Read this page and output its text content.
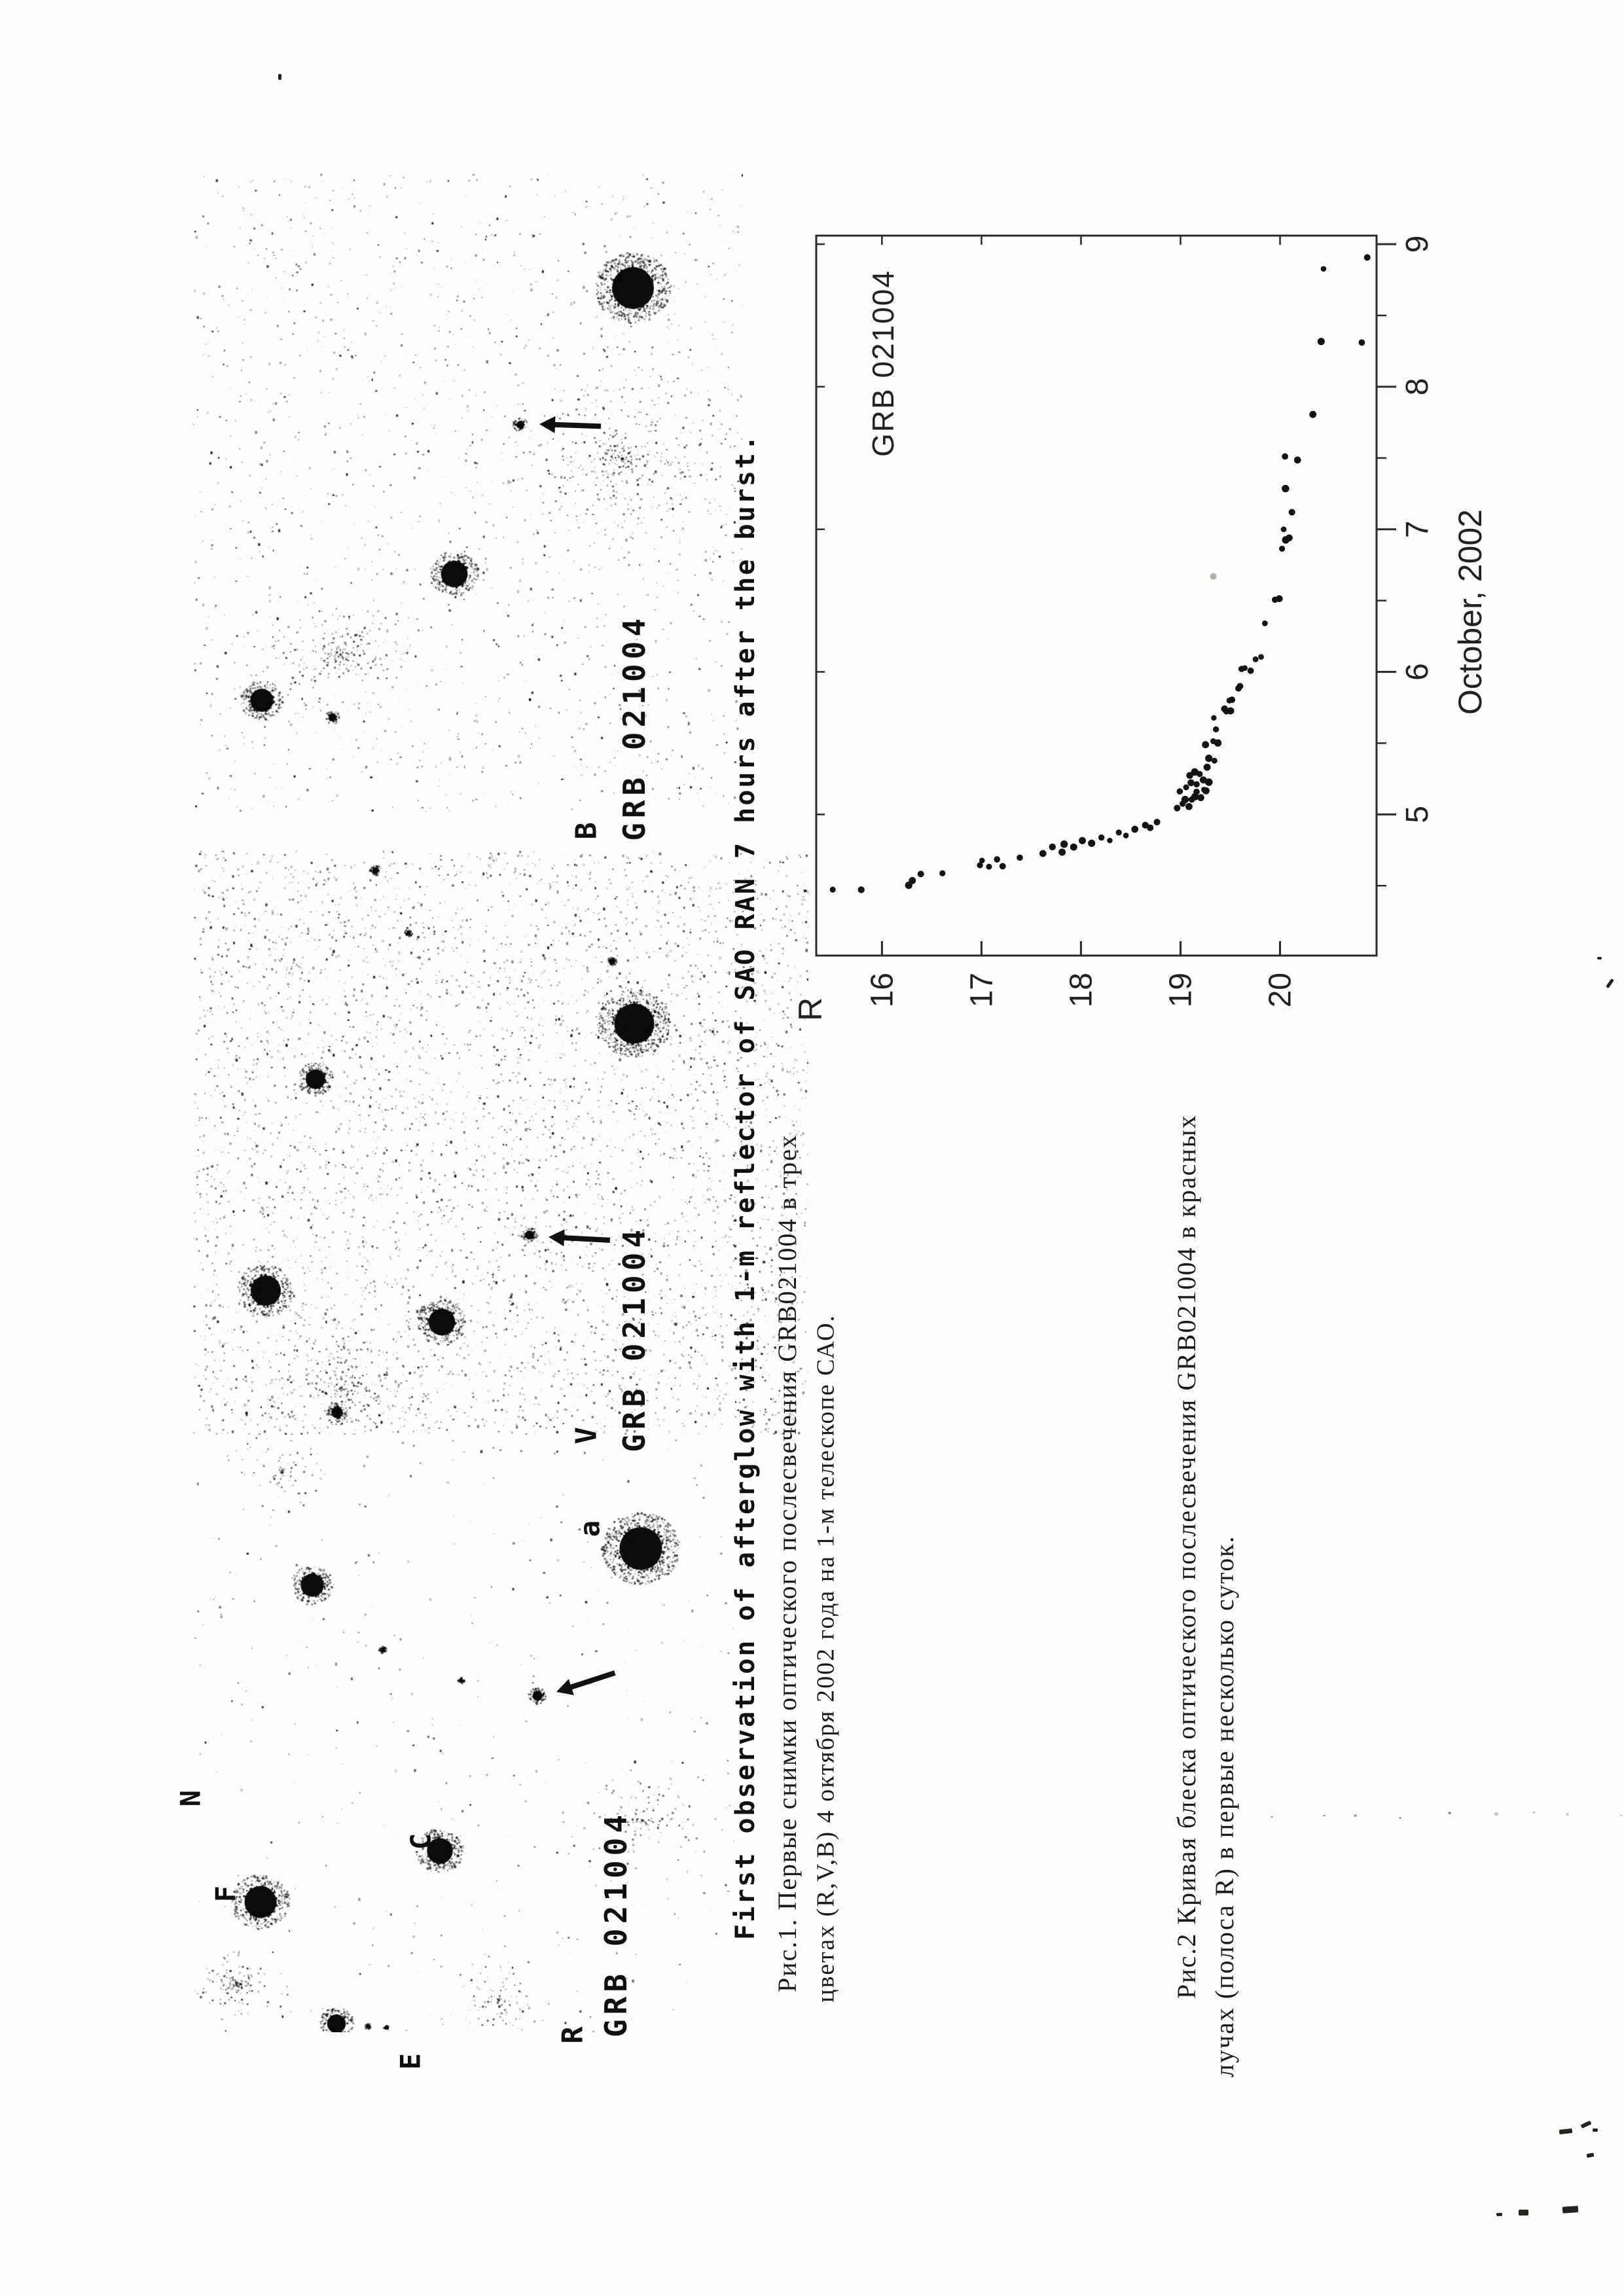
B GRB 021004
V GRB 021004
R GRB 021004	First observation of afterglow with 1-m reflector of SAO RAN 7 hours after the burst. Рис.1. Первые снимки оптического послесвечения GRB021004 в трех цветах (R,V,B) 4 октября 2002 года на 1-м телескопе САО.	Рис.2 Кривая блеска оптического послесвечения GRB021004 в красных лучах (полоса R) в первые несколько суток.
5
6
7
8
9
16 17 18 19 20
R
October, 2002
GRB 021004
a
N
C
F
E
